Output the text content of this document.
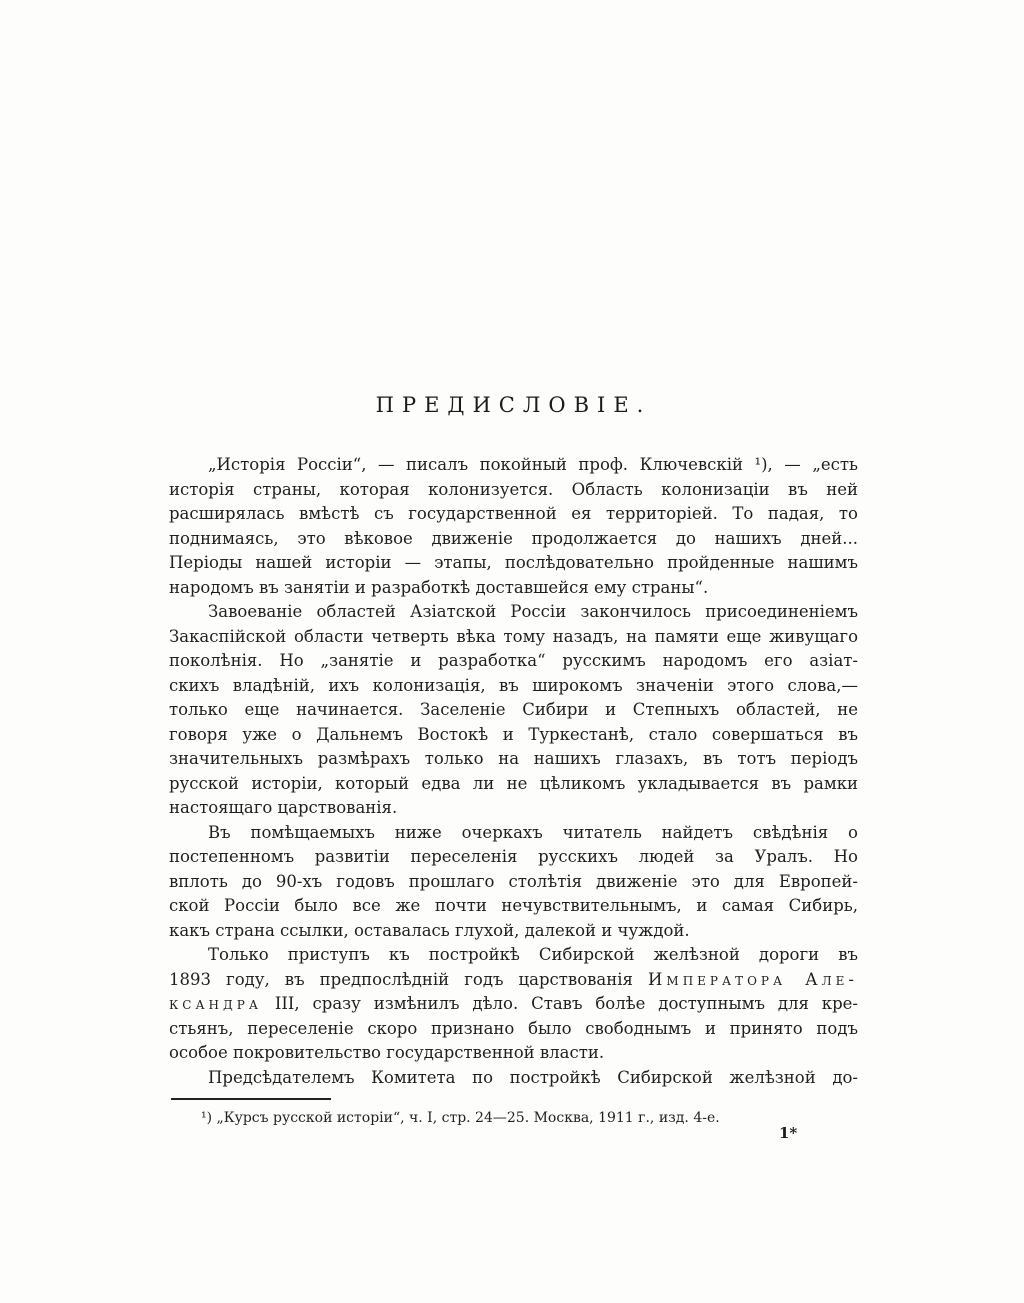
ПРЕДИСЛОВІЕ.

„Исторія Россіи“, — писалъ покойный проф. Ключевскій ¹), — „есть
исторія страны, которая колонизуется. Область колонизаціи въ ней
расширялась вмѣстѣ съ государственной ея территоріей. То падая, то
поднимаясь, это вѣковое движеніе продолжается до нашихъ дней...
Періоды нашей исторіи — этапы, послѣдовательно пройденные нашимъ
народомъ въ занятіи и разработкѣ доставшейся ему страны“.

Завоеваніе областей Азіатской Россіи закончилось присоединеніемъ
Закаспійской области четверть вѣка тому назадъ, на памяти еще живущаго
поколѣнія. Но „занятіе и разработка“ русскимъ народомъ его азіат-
скихъ владѣній, ихъ колонизація, въ широкомъ значеніи этого слова,—
только еще начинается. Заселеніе Сибири и Степныхъ областей, не
говоря уже о Дальнемъ Востокѣ и Туркестанѣ, стало совершаться въ
значительныхъ размѣрахъ только на нашихъ глазахъ, въ тотъ періодъ
русской исторіи, который едва ли не цѣликомъ укладывается въ рамки
настоящаго царствованія.

Въ помѣщаемыхъ ниже очеркахъ читатель найдетъ свѣдѣнія о
постепенномъ развитіи переселенія русскихъ людей за Уралъ. Но
вплоть до 90-хъ годовъ прошлаго столѣтія движеніе это для Европей-
ской Россіи было все же почти нечувствительнымъ, и самая Сибирь,
какъ страна ссылки, оставалась глухой, далекой и чуждой.

Только приступъ къ постройкѣ Сибирской желѣзной дороги въ
1893 году, въ предпослѣдній годъ царствованія Императора Але-
ксандра III, сразу измѣнилъ дѣло. Ставъ болѣе доступнымъ для кре-
стьянъ, переселеніе скоро признано было свободнымъ и принято подъ
особое покровительство государственной власти.

Предсѣдателемъ Комитета по постройкѣ Сибирской желѣзной до-

¹) „Курсъ русской исторіи“, ч. I, стр. 24—25. Москва, 1911 г., изд. 4-е.
1*
